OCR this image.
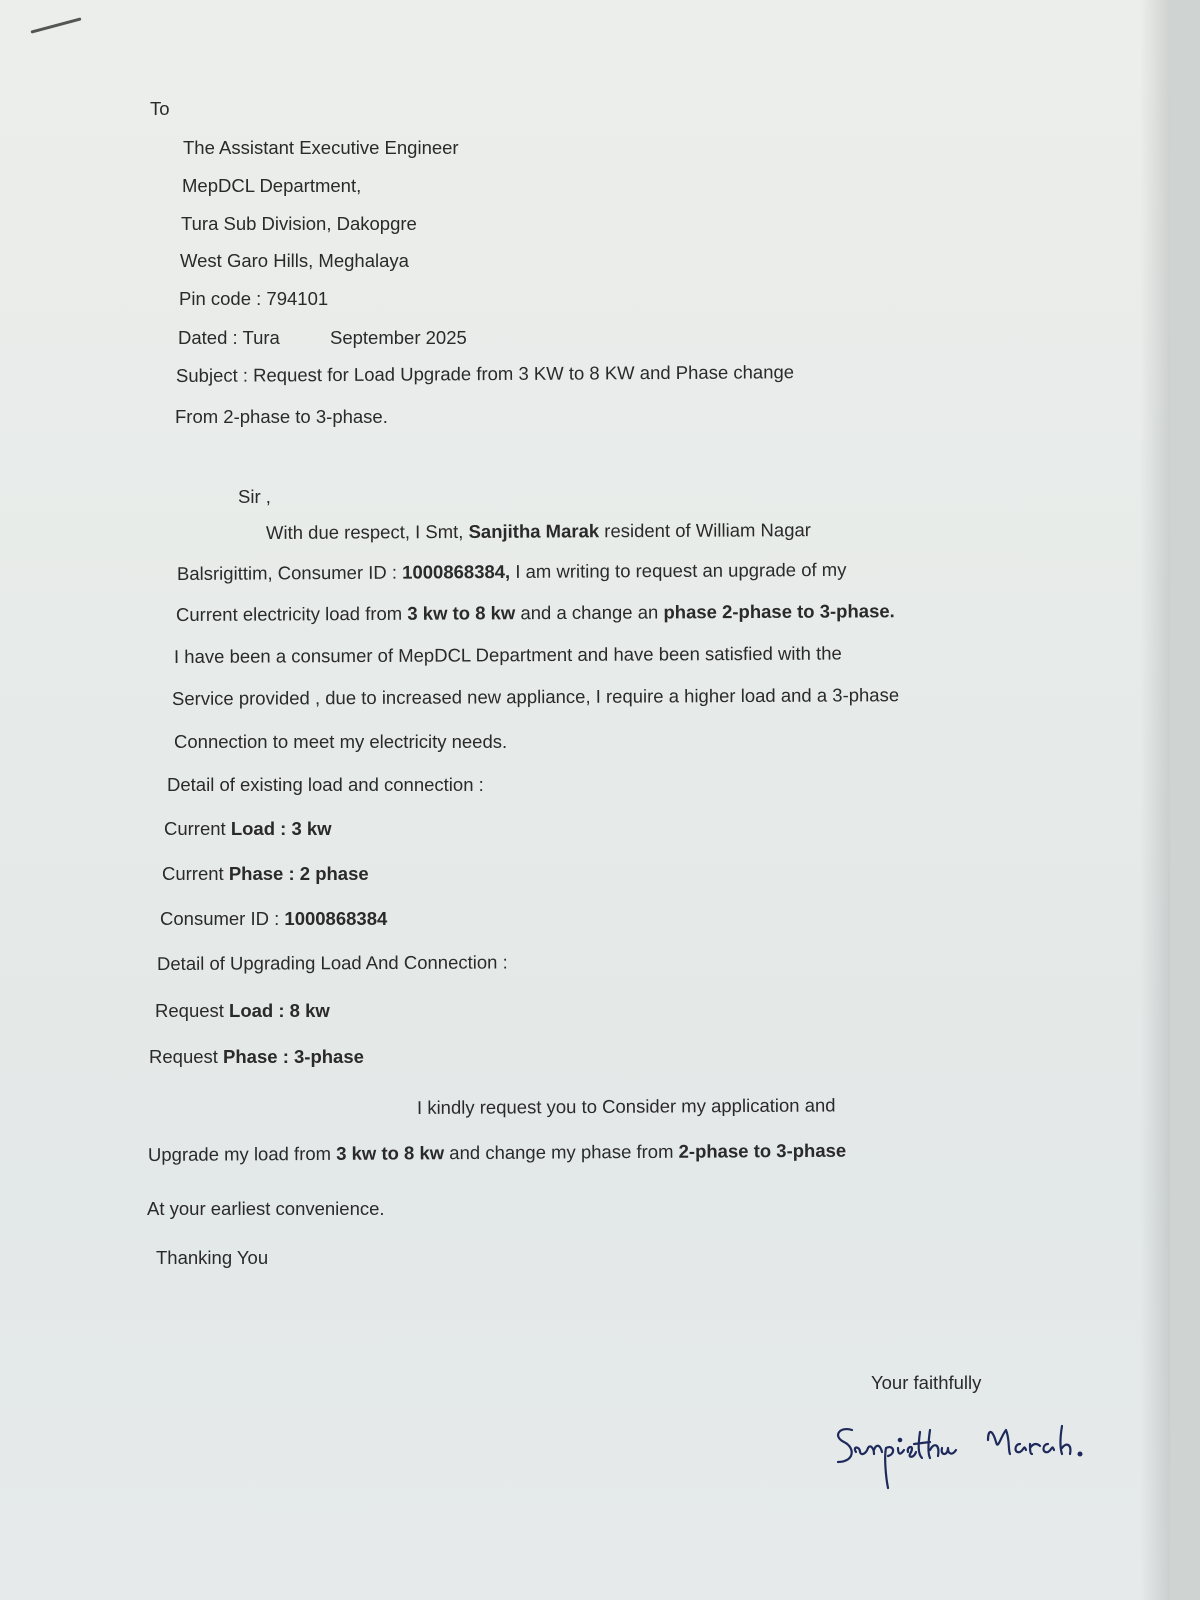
To
The Assistant Executive Engineer
MepDCL Department,
Tura Sub Division, Dakopgre
West Garo Hills, Meghalaya
Pin code : 794101
Dated : Tura	September 2025
Subject : Request for Load Upgrade from 3 KW to 8 KW and Phase change
From 2-phase to 3-phase.
Sir ,
With due respect, I Smt, Sanjitha Marak resident of William Nagar
Balsrigittim, Consumer ID : 1000868384, I am writing to request an upgrade of my
Current electricity load from 3 kw to 8 kw and a change an phase 2-phase to 3-phase.
I have been a consumer of MepDCL Department and have been satisfied with the
Service provided , due to increased new appliance, I require a higher load and a 3-phase
Connection to meet my electricity needs.
Detail of existing load and connection :
Current Load : 3 kw
Current Phase : 2 phase
Consumer ID : 1000868384
Detail of Upgrading Load And Connection :
Request Load : 8 kw
Request Phase : 3-phase
I kindly request you to Consider my application and
Upgrade my load from 3 kw to 8 kw and change my phase from 2-phase to 3-phase
At your earliest convenience.
Thanking You
Your faithfully
